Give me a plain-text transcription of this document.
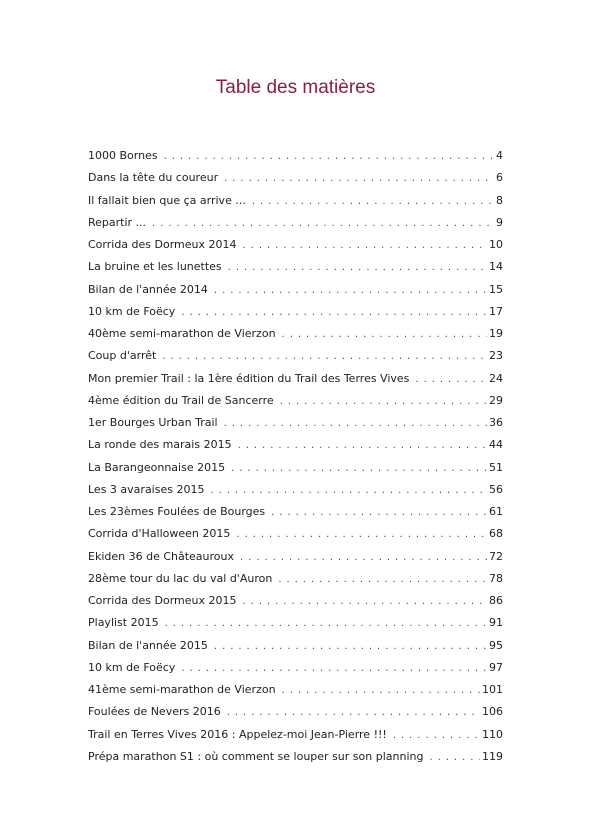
Table des matières
1000 Bornes . . .	4
Dans la tête du coureur . . .	6
Il fallait bien que ça arrive ... . . .	8
Repartir ... . . .	9
Corrida des Dormeux 2014 . . .	10
La bruine et les lunettes . . .	14
Bilan de l'année 2014 . . .	15
10 km de Foëcy . . .	17
40ème semi-marathon de Vierzon . . .	19
Coup d'arrêt . . .	23
Mon premier Trail : la 1ère édition du Trail des Terres Vives . . .	24
4ème édition du Trail de Sancerre . . .	29
1er Bourges Urban Trail . . .	36
La ronde des marais 2015 . . .	44
La Barangeonnaise 2015 . . .	51
Les 3 avaraises 2015 . . .	56
Les 23èmes Foulées de Bourges . . .	61
Corrida d'Halloween 2015 . . .	68
Ekiden 36 de Châteauroux . . .	72
28ème tour du lac du val d'Auron . . .	78
Corrida des Dormeux 2015 . . .	86
Playlist 2015 . . .	91
Bilan de l'année 2015 . . .	95
10 km de Foëcy . . .	97
41ème semi-marathon de Vierzon . . .	101
Foulées de Nevers 2016 . . .	106
Trail en Terres Vives 2016 : Appelez-moi Jean-Pierre !!! . . .	110
Prépa marathon S1 : où comment se louper sur son planning . . .	119
